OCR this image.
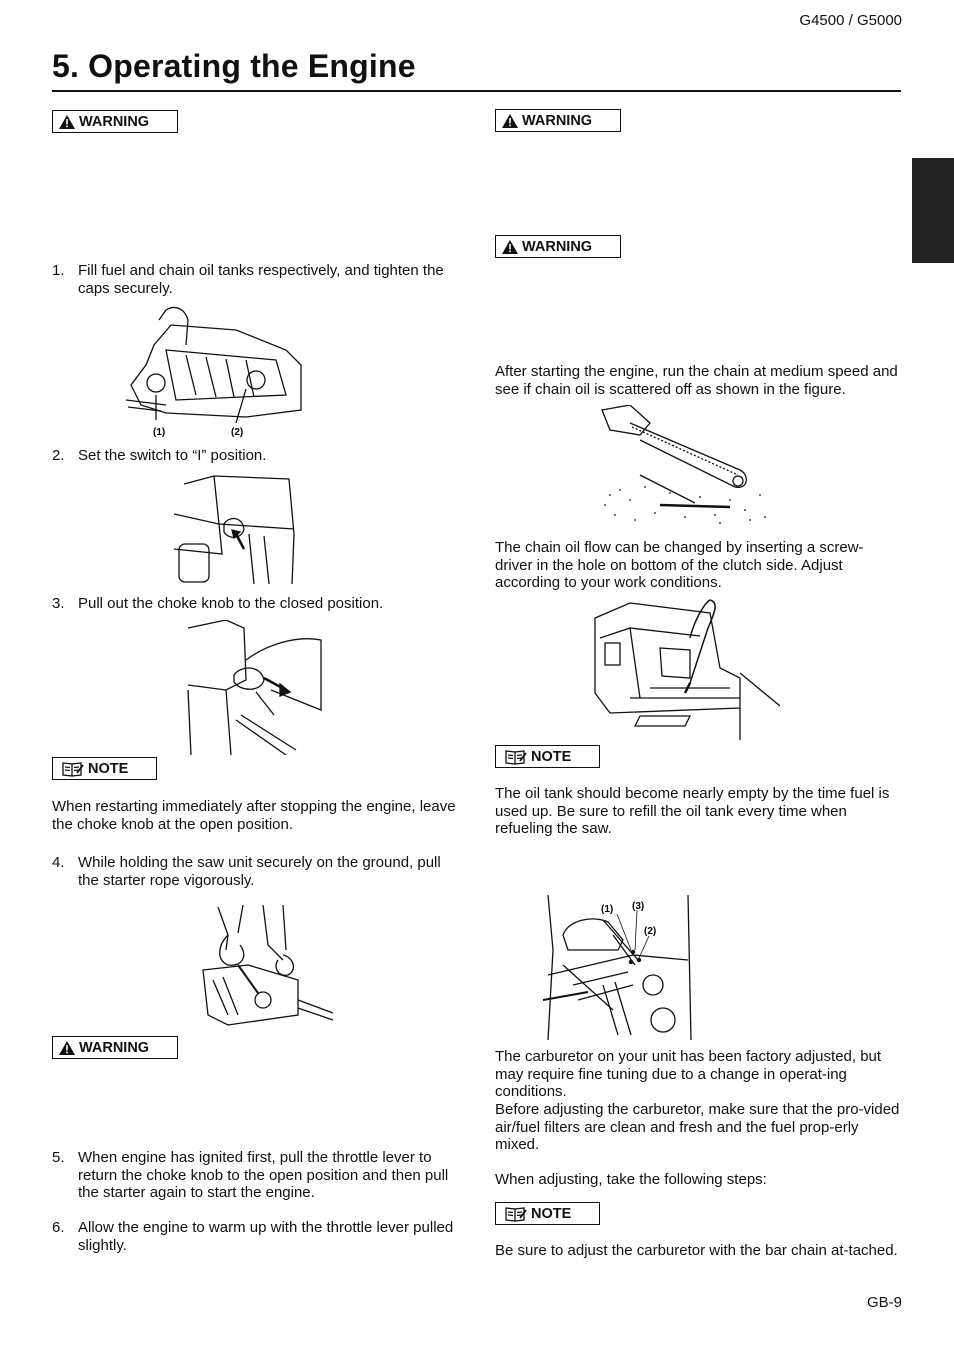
G4500 / G5000
5. Operating the Engine
WARNING
1. Fill fuel and chain oil tanks respectively, and tighten the caps securely.
(1)	(2)
2. Set the switch to “I” position.
3. Pull out the choke knob to the closed position.
NOTE
When restarting immediately after stopping the engine, leave the choke knob at the open position.
4. While holding the saw unit securely on the ground, pull the starter rope vigorously.
WARNING
5. When engine has ignited first, pull the throttle lever to return the choke knob to the open position and then pull the starter again to start the engine.
6. Allow the engine to warm up with the throttle lever pulled slightly.
WARNING
WARNING
After starting the engine, run the chain at medium speed and see if chain oil is scattered off as shown in the figure.
The chain oil flow can be changed by inserting a screw-driver in the hole on bottom of the clutch side. Adjust according to your work conditions.
NOTE
The oil tank should become nearly empty by the time fuel is used up. Be sure to refill the oil tank every time when refueling the saw.
(1) (3)
(2)
The carburetor on your unit has been factory adjusted, but may require fine tuning due to a change in operat-ing conditions.
Before adjusting the carburetor, make sure that the pro-vided air/fuel filters are clean and fresh and the fuel prop-erly mixed.
When adjusting, take the following steps:
NOTE
Be sure to adjust the carburetor with the bar chain at-tached.
GB-9
